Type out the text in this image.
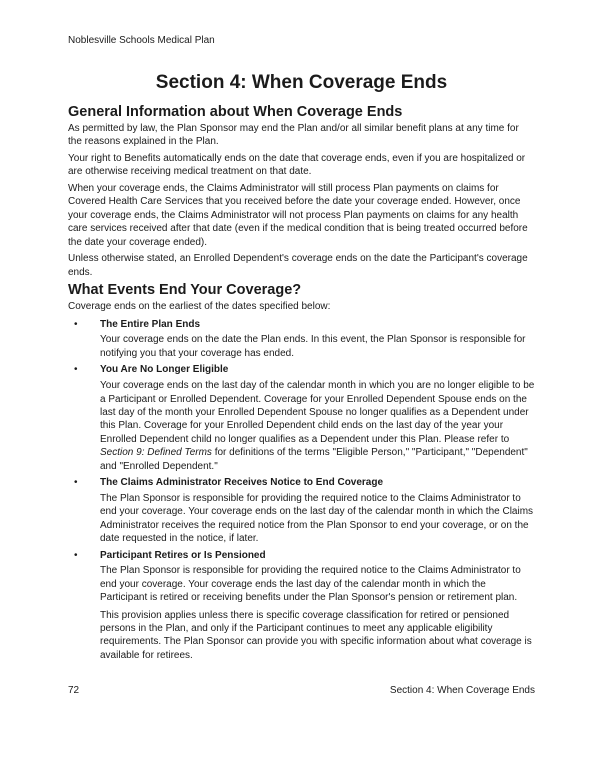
Noblesville Schools Medical Plan
Section 4: When Coverage Ends
General Information about When Coverage Ends

As permitted by law, the Plan Sponsor may end the Plan and/or all similar benefit plans at any time for the reasons explained in the Plan.

Your right to Benefits automatically ends on the date that coverage ends, even if you are hospitalized or are otherwise receiving medical treatment on that date.

When your coverage ends, the Claims Administrator will still process Plan payments on claims for Covered Health Care Services that you received before the date your coverage ended. However, once your coverage ends, the Claims Administrator will not process Plan payments on claims for any health care services received after that date (even if the medical condition that is being treated occurred before the date your coverage ended).

Unless otherwise stated, an Enrolled Dependent's coverage ends on the date the Participant's coverage ends.

What Events End Your Coverage?

Coverage ends on the earliest of the dates specified below:

• The Entire Plan Ends

Your coverage ends on the date the Plan ends. In this event, the Plan Sponsor is responsible for notifying you that your coverage has ended.

• You Are No Longer Eligible

Your coverage ends on the last day of the calendar month in which you are no longer eligible to be a Participant or Enrolled Dependent. Coverage for your Enrolled Dependent Spouse ends on the last day of the month your Enrolled Dependent Spouse no longer qualifies as a Dependent under this Plan. Coverage for your Enrolled Dependent child ends on the last day of the year your Enrolled Dependent child no longer qualifies as a Dependent under this Plan. Please refer to Section 9: Defined Terms for definitions of the terms "Eligible Person," "Participant," "Dependent" and "Enrolled Dependent."

• The Claims Administrator Receives Notice to End Coverage

The Plan Sponsor is responsible for providing the required notice to the Claims Administrator to end your coverage. Your coverage ends on the last day of the calendar month in which the Claims Administrator receives the required notice from the Plan Sponsor to end your coverage, or on the date requested in the notice, if later.

• Participant Retires or Is Pensioned

The Plan Sponsor is responsible for providing the required notice to the Claims Administrator to end your coverage. Your coverage ends the last day of the calendar month in which the Participant is retired or receiving benefits under the Plan Sponsor's pension or retirement plan.

This provision applies unless there is specific coverage classification for retired or pensioned persons in the Plan, and only if the Participant continues to meet any applicable eligibility requirements. The Plan Sponsor can provide you with specific information about what coverage is available for retirees.

72	Section 4: When Coverage Ends
